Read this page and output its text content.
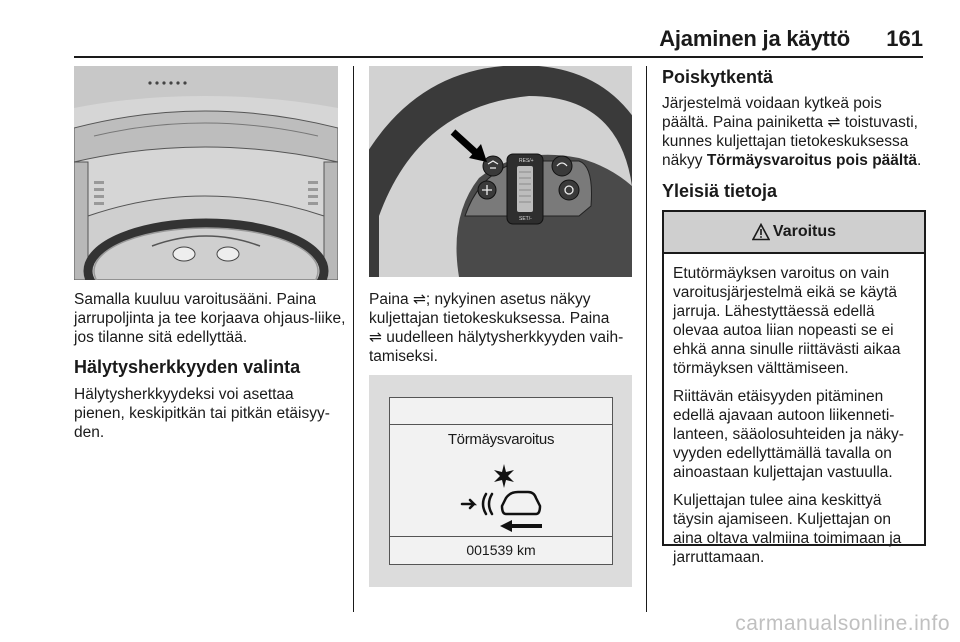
Ajaminen ja käyttö 161
Samalla kuuluu varoitusääni. Paina jarrupoljinta ja tee korjaava ohjaus-liike, jos tilanne sitä edellyttää.
Hälytysherkkyyden valinta
Hälytysherkkyydeksi voi asettaa pienen, keskipitkän tai pitkän etäisyy-den.
RES/+
SET/-
Paina ⇌; nykyinen asetus näkyy
kuljettajan tietokeskuksessa. Paina
⇌ uudelleen hälytysherkkyyden vaih-
tamiseksi.
Törmäysvaroitus
001539 km
Poiskytkentä
Järjestelmä voidaan kytkeä pois
päältä. Paina painiketta ⇌ toistuvasti,
kunnes kuljettajan tietokeskuksessa
näkyy Törmäysvaroitus pois päältä.
Yleisiä tietoja
Varoitus

Etutörmäyksen varoitus on vain varoitusjärjestelmä eikä se käytä jarruja. Lähestyttäessä edellä olevaa autoa liian nopeasti se ei ehkä anna sinulle riittävästi aikaa törmäyksen välttämiseen.

Riittävän etäisyyden pitäminen edellä ajavaan autoon liikenneti-lanteen, sääolosuhteiden ja näky-vyyden edellyttämällä tavalla on ainoastaan kuljettajan vastuulla.

Kuljettajan tulee aina keskittyä täysin ajamiseen. Kuljettajan on aina oltava valmiina toimimaan ja jarruttamaan.

carmanualsonline.info
